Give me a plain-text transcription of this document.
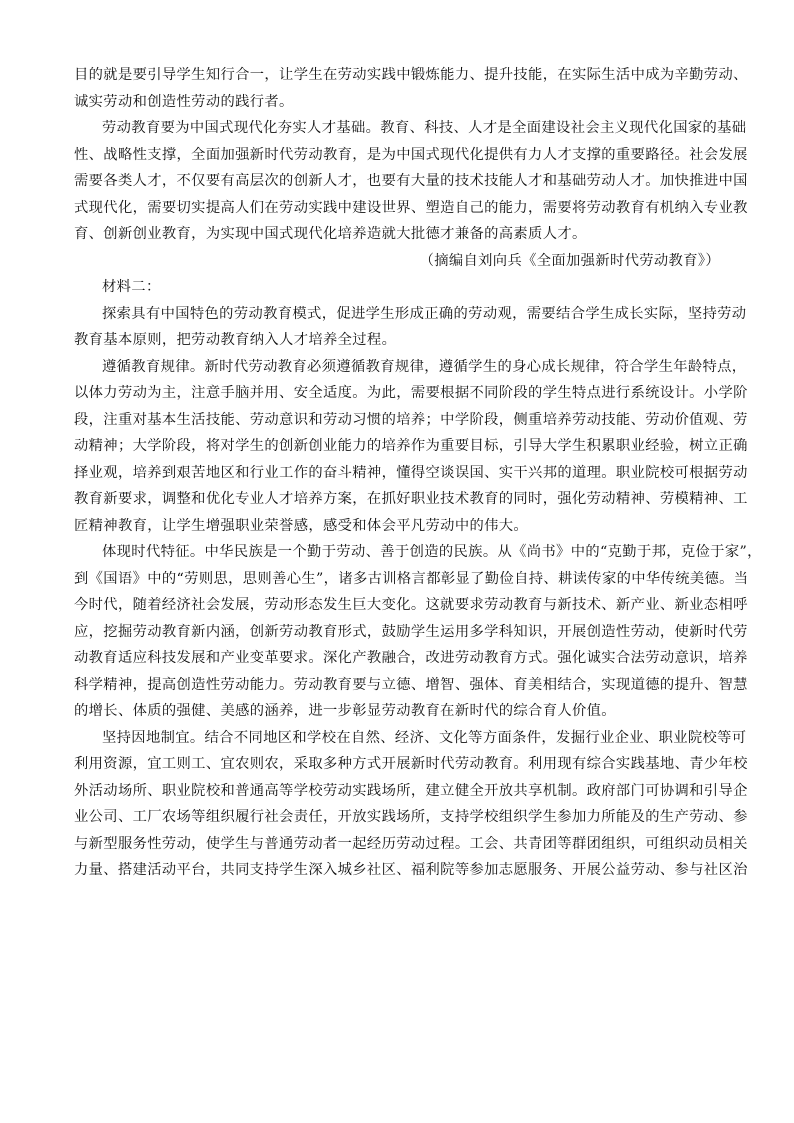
目的就是要引导学生知行合一，让学生在劳动实践中锻炼能力、提升技能，在实际生活中成为辛勤劳动、
诚实劳动和创造性劳动的践行者。
劳动教育要为中国式现代化夯实人才基础。教育、科技、人才是全面建设社会主义现代化国家的基础
性、战略性支撑，全面加强新时代劳动教育，是为中国式现代化提供有力人才支撑的重要路径。社会发展
需要各类人才，不仅要有高层次的创新人才，也要有大量的技术技能人才和基础劳动人才。加快推进中国
式现代化，需要切实提高人们在劳动实践中建设世界、塑造自己的能力，需要将劳动教育有机纳入专业教
育、创新创业教育，为实现中国式现代化培养造就大批德才兼备的高素质人才。
（摘编自刘向兵《全面加强新时代劳动教育》）
材料二：
探索具有中国特色的劳动教育模式，促进学生形成正确的劳动观，需要结合学生成长实际，坚持劳动
教育基本原则，把劳动教育纳入人才培养全过程。
遵循教育规律。新时代劳动教育必须遵循教育规律，遵循学生的身心成长规律，符合学生年龄特点，
以体力劳动为主，注意手脑并用、安全适度。为此，需要根据不同阶段的学生特点进行系统设计。小学阶
段，注重对基本生活技能、劳动意识和劳动习惯的培养；中学阶段，侧重培养劳动技能、劳动价值观、劳
动精神；大学阶段，将对学生的创新创业能力的培养作为重要目标，引导大学生积累职业经验，树立正确
择业观，培养到艰苦地区和行业工作的奋斗精神，懂得空谈误国、实干兴邦的道理。职业院校可根据劳动
教育新要求，调整和优化专业人才培养方案，在抓好职业技术教育的同时，强化劳动精神、劳模精神、工
匠精神教育，让学生增强职业荣誉感，感受和体会平凡劳动中的伟大。
体现时代特征。中华民族是一个勤于劳动、善于创造的民族。从《尚书》中的“克勤于邦，克俭于家”，
到《国语》中的“劳则思，思则善心生”，诸多古训格言都彰显了勤俭自持、耕读传家的中华传统美德。当
今时代，随着经济社会发展，劳动形态发生巨大变化。这就要求劳动教育与新技术、新产业、新业态相呼
应，挖掘劳动教育新内涵，创新劳动教育形式，鼓励学生运用多学科知识，开展创造性劳动，使新时代劳
动教育适应科技发展和产业变革要求。深化产教融合，改进劳动教育方式。强化诚实合法劳动意识，培养
科学精神，提高创造性劳动能力。劳动教育要与立德、增智、强体、育美相结合，实现道德的提升、智慧
的增长、体质的强健、美感的涵养，进一步彰显劳动教育在新时代的综合育人价值。
坚持因地制宜。结合不同地区和学校在自然、经济、文化等方面条件，发掘行业企业、职业院校等可
利用资源，宜工则工、宜农则农，采取多种方式开展新时代劳动教育。利用现有综合实践基地、青少年校
外活动场所、职业院校和普通高等学校劳动实践场所，建立健全开放共享机制。政府部门可协调和引导企
业公司、工厂农场等组织履行社会责任，开放实践场所，支持学校组织学生参加力所能及的生产劳动、参
与新型服务性劳动，使学生与普通劳动者一起经历劳动过程。工会、共青团等群团组织，可组织动员相关
力量、搭建活动平台，共同支持学生深入城乡社区、福利院等参加志愿服务、开展公益劳动、参与社区治
